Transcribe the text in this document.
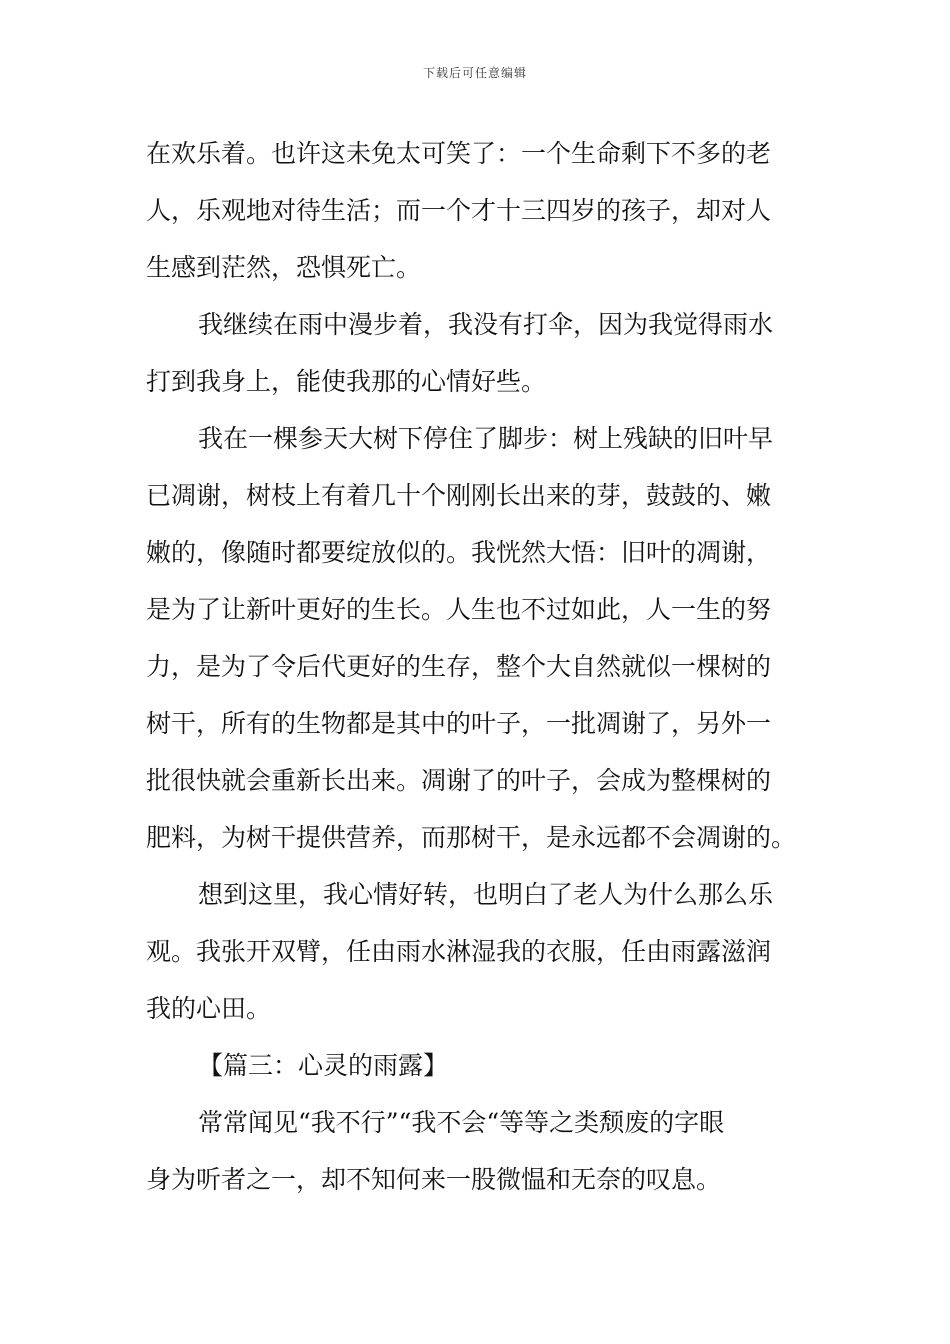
下载后可任意编辑
在欢乐着。也许这未免太可笑了：一个生命剩下不多的老
人，乐观地对待生活；而一个才十三四岁的孩子，却对人
生感到茫然，恐惧死亡。
我继续在雨中漫步着，我没有打伞，因为我觉得雨水
打到我身上，能使我那的心情好些。
我在一棵参天大树下停住了脚步：树上残缺的旧叶早
已凋谢，树枝上有着几十个刚刚长出来的芽，鼓鼓的、嫩
嫩的，像随时都要绽放似的。我恍然大悟：旧叶的凋谢，
是为了让新叶更好的生长。人生也不过如此，人一生的努
力，是为了令后代更好的生存，整个大自然就似一棵树的
树干，所有的生物都是其中的叶子，一批凋谢了，另外一
批很快就会重新长出来。凋谢了的叶子，会成为整棵树的
肥料，为树干提供营养，而那树干，是永远都不会凋谢的。
想到这里，我心情好转，也明白了老人为什么那么乐
观。我张开双臂，任由雨水淋湿我的衣服，任由雨露滋润
我的心田。
【篇三：心灵的雨露】
常常闻见“我不行”“我不会“等等之类颓废的字眼
身为听者之一，却不知何来一股微愠和无奈的叹息。
